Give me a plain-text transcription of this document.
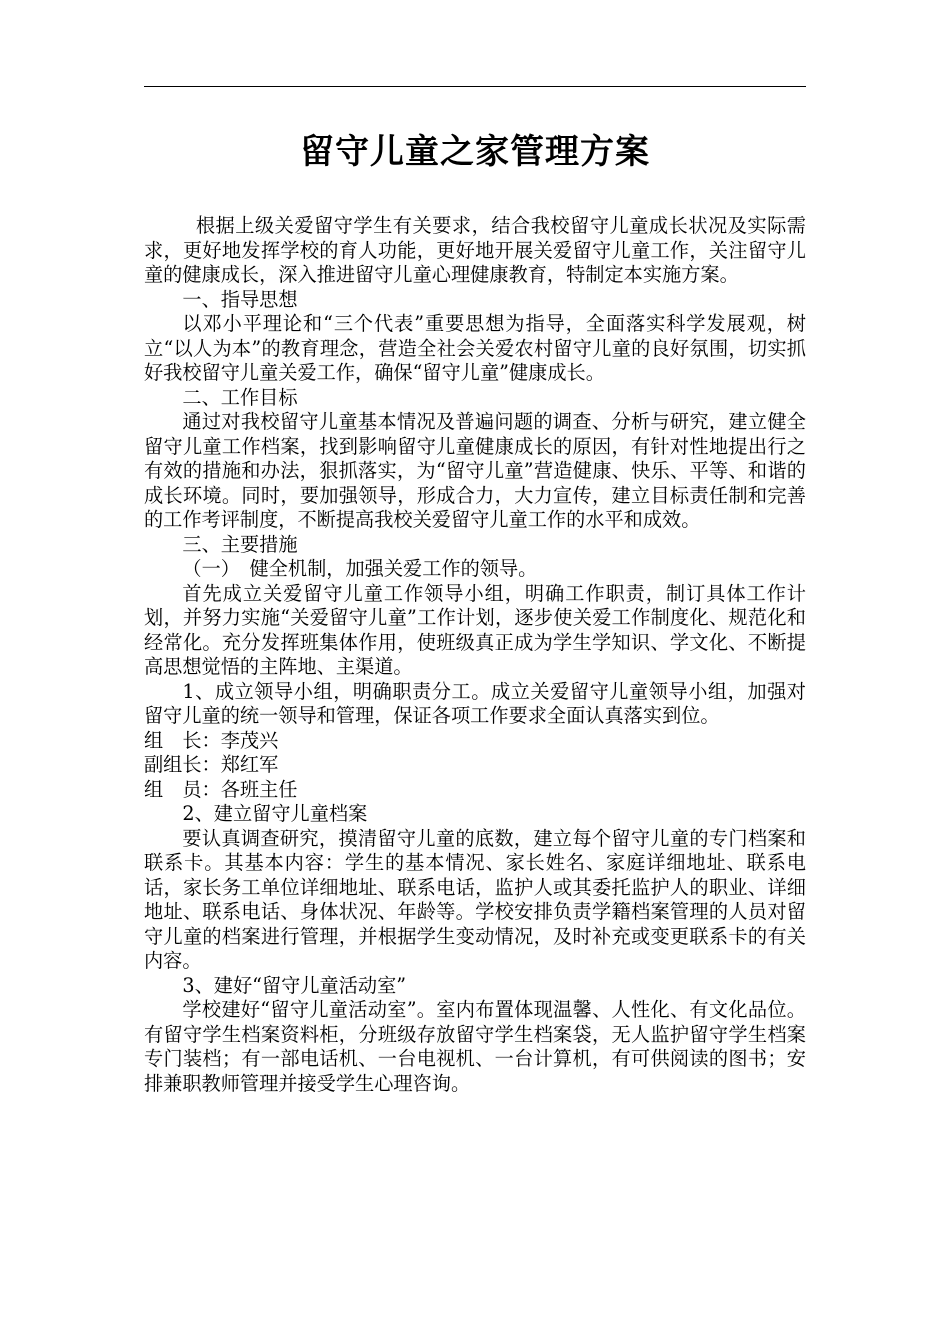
留守儿童之家管理方案

根据上级关爱留守学生有关要求，结合我校留守儿童成长状况及实际需求，更好地发挥学校的育人功能，更好地开展关爱留守儿童工作，关注留守儿童的健康成长，深入推进留守儿童心理健康教育，特制定本实施方案。

一、指导思想

以邓小平理论和“三个代表”重要思想为指导，全面落实科学发展观，树立“以人为本”的教育理念，营造全社会关爱农村留守儿童的良好氛围，切实抓好我校留守儿童关爱工作，确保“留守儿童”健康成长。

二、工作目标

通过对我校留守儿童基本情况及普遍问题的调查、分析与研究，建立健全留守儿童工作档案，找到影响留守儿童健康成长的原因，有针对性地提出行之有效的措施和办法，狠抓落实，为“留守儿童”营造健康、快乐、平等、和谐的成长环境。同时，要加强领导，形成合力，大力宣传，建立目标责任制和完善的工作考评制度，不断提高我校关爱留守儿童工作的水平和成效。

三、主要措施

（一）　健全机制，加强关爱工作的领导。

首先成立关爱留守儿童工作领导小组，明确工作职责，制订具体工作计划，并努力实施“关爱留守儿童”工作计划，逐步使关爱工作制度化、规范化和经常化。充分发挥班集体作用，使班级真正成为学生学知识、学文化、不断提高思想觉悟的主阵地、主渠道。

1、成立领导小组，明确职责分工。成立关爱留守儿童领导小组，加强对留守儿童的统一领导和管理，保证各项工作要求全面认真落实到位。

组　长：李茂兴

副组长：郑红军

组　员：各班主任

2、建立留守儿童档案

要认真调查研究，摸清留守儿童的底数，建立每个留守儿童的专门档案和联系卡。其基本内容：学生的基本情况、家长姓名、家庭详细地址、联系电话，家长务工单位详细地址、联系电话，监护人或其委托监护人的职业、详细地址、联系电话、身体状况、年龄等。学校安排负责学籍档案管理的人员对留守儿童的档案进行管理，并根据学生变动情况，及时补充或变更联系卡的有关内容。

3、建好“留守儿童活动室”

学校建好“留守儿童活动室”。室内布置体现温馨、人性化、有文化品位。有留守学生档案资料柜，分班级存放留守学生档案袋，无人监护留守学生档案专门装档；有一部电话机、一台电视机、一台计算机，有可供阅读的图书；安排兼职教师管理并接受学生心理咨询。
